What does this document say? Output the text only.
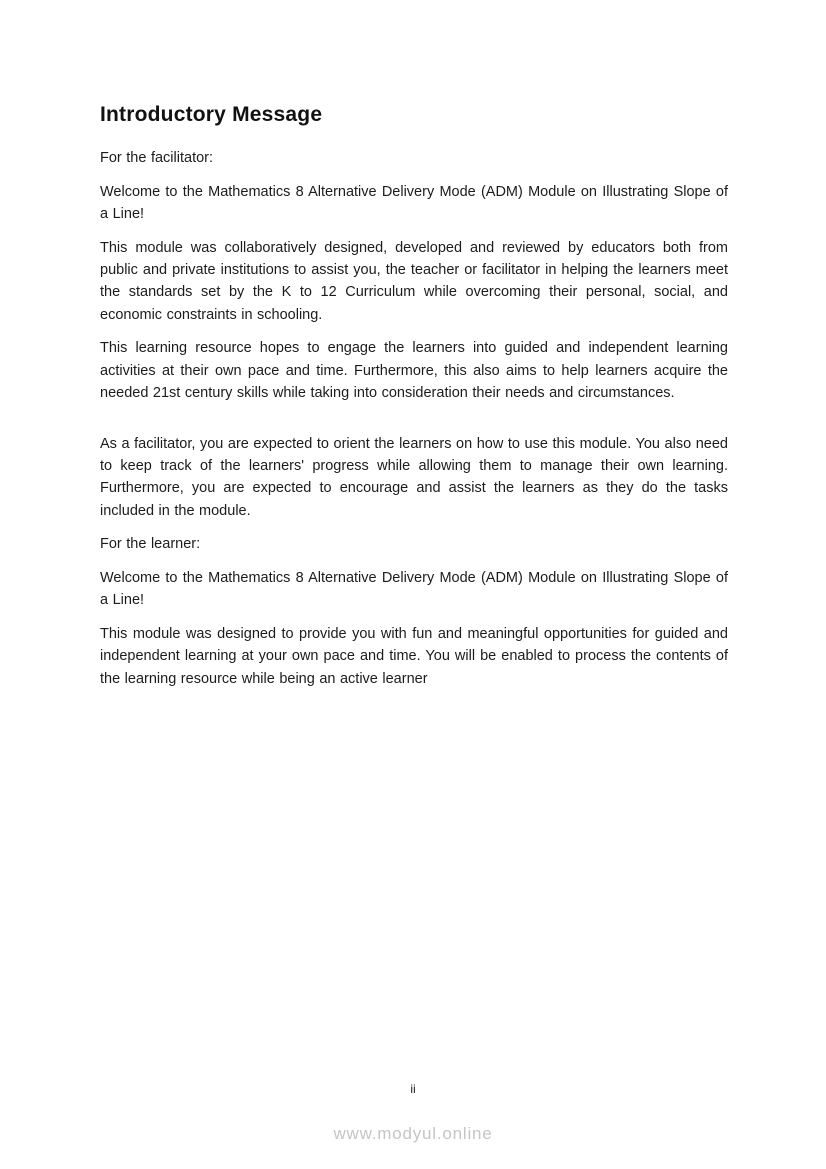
Introductory Message

For the facilitator:

Welcome to the Mathematics 8 Alternative Delivery Mode (ADM) Module on Illustrating Slope of a Line!

This module was collaboratively designed, developed and reviewed by educators both from public and private institutions to assist you, the teacher or facilitator in helping the learners meet the standards set by the K to 12 Curriculum while overcoming their personal, social, and economic constraints in schooling.

This learning resource hopes to engage the learners into guided and independent learning activities at their own pace and time. Furthermore, this also aims to help learners acquire the needed 21st century skills while taking into consideration their needs and circumstances.

As a facilitator, you are expected to orient the learners on how to use this module. You also need to keep track of the learners' progress while allowing them to manage their own learning. Furthermore, you are expected to encourage and assist the learners as they do the tasks included in the module.

For the learner:

Welcome to the Mathematics 8 Alternative Delivery Mode (ADM) Module on Illustrating Slope of a Line!

This module was designed to provide you with fun and meaningful opportunities for guided and independent learning at your own pace and time. You will be enabled to process the contents of the learning resource while being an active learner

ii
www.modyul.online
